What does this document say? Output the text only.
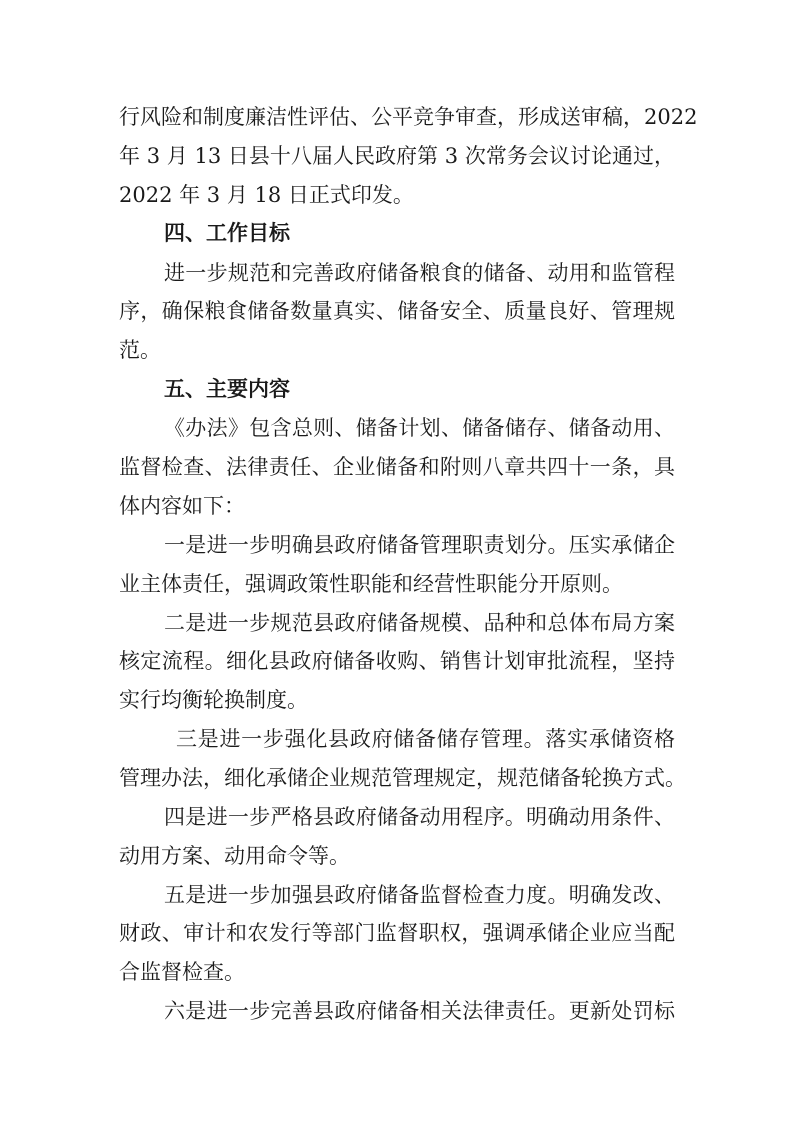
行风险和制度廉洁性评估、公平竞争审查，形成送审稿，2022
年 3 月 13 日县十八届人民政府第 3 次常务会议讨论通过，
2022 年 3 月 18 日正式印发。
四、工作目标
进一步规范和完善政府储备粮食的储备、动用和监管程
序，确保粮食储备数量真实、储备安全、质量良好、管理规
范。
五、主要内容
《办法》包含总则、储备计划、储备储存、储备动用、
监督检查、法律责任、企业储备和附则八章共四十一条，具
体内容如下：
一是进一步明确县政府储备管理职责划分。压实承储企
业主体责任，强调政策性职能和经营性职能分开原则。
二是进一步规范县政府储备规模、品种和总体布局方案
核定流程。细化县政府储备收购、销售计划审批流程，坚持
实行均衡轮换制度。
三是进一步强化县政府储备储存管理。落实承储资格
管理办法，细化承储企业规范管理规定，规范储备轮换方式。
四是进一步严格县政府储备动用程序。明确动用条件、
动用方案、动用命令等。
五是进一步加强县政府储备监督检查力度。明确发改、
财政、审计和农发行等部门监督职权，强调承储企业应当配
合监督检查。
六是进一步完善县政府储备相关法律责任。更新处罚标
